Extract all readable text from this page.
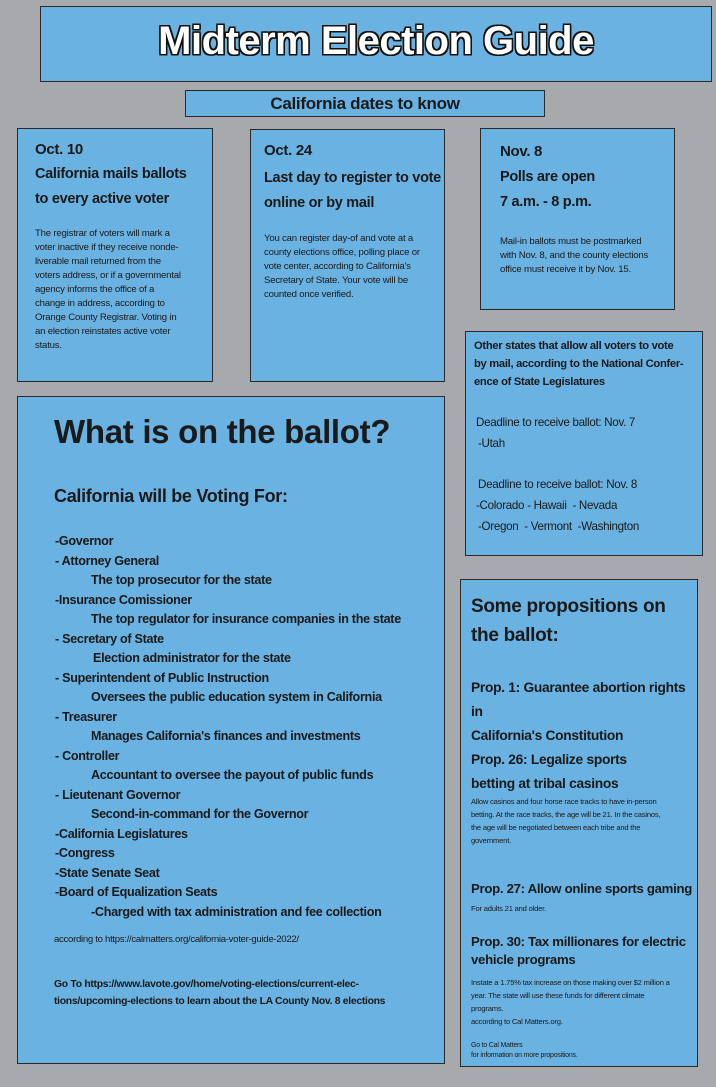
Midterm Election Guide
California dates to know
Oct. 10
California mails ballots
to every active voter
The registrar of voters will mark a
voter inactive if they receive nonde-
liverable mail returned from the
voters address, or if a governmental
agency informs the office of a
change in address, according to
Orange County Registrar. Voting in
an election reinstates active voter
status.
Oct. 24
Last day to register to vote
online or by mail
You can register day-of and vote at a
county elections office, polling place or
vote center, according to California's
Secretary of State. Your vote will be
counted once verified.
Nov. 8
Polls are open
7 a.m. - 8 p.m.
Mail-in ballots must be postmarked
with Nov. 8, and the county elections
office must receive it by Nov. 15.
Other states that allow all voters to vote
by mail, according to the National Confer-
ence of State Legislatures
Deadline to receive ballot: Nov. 7
-Utah
Deadline to receive ballot: Nov. 8
-Colorado - Hawaii  - Nevada
-Oregon  - Vermont  -Washington
What is on the ballot?
California will be Voting For:
-Governor
- Attorney General
The top prosecutor for the state
-Insurance Comissioner
The top regulator for insurance companies in the state
- Secretary of State
Election administrator for the state
- Superintendent of Public Instruction
Oversees the public education system in California
- Treasurer
Manages California's finances and investments
- Controller
Accountant to oversee the payout of public funds
- Lieutenant Governor
Second-in-command for the Governor
-California Legislatures
-Congress
-State Senate Seat
-Board of Equalization Seats
-Charged with tax administration and fee collection
according to https://calmatters.org/california-voter-guide-2022/
Go To https://www.lavote.gov/home/voting-elections/current-elec-
tions/upcoming-elections to learn about the LA County Nov. 8 elections
Some propositions on
the ballot:
Prop. 1: Guarantee abortion rights in
California's Constitution
Prop. 26: Legalize sports
betting at tribal casinos
Allow casinos and four horse race tracks to have in-person
betting. At the race tracks, the age will be 21. In the casinos,
the age will be negotiated between each tribe and the
government.
Prop. 27: Allow online sports gaming
For adults 21 and older.
Prop. 30: Tax millionares for electric
vehicle programs
Instate a 1.75% tax increase on those making over $2 million a
year. The state will use these funds for different climate
programs.
according to Cal Matters.org.
Go to Cal Matters
for information on more propositions.
